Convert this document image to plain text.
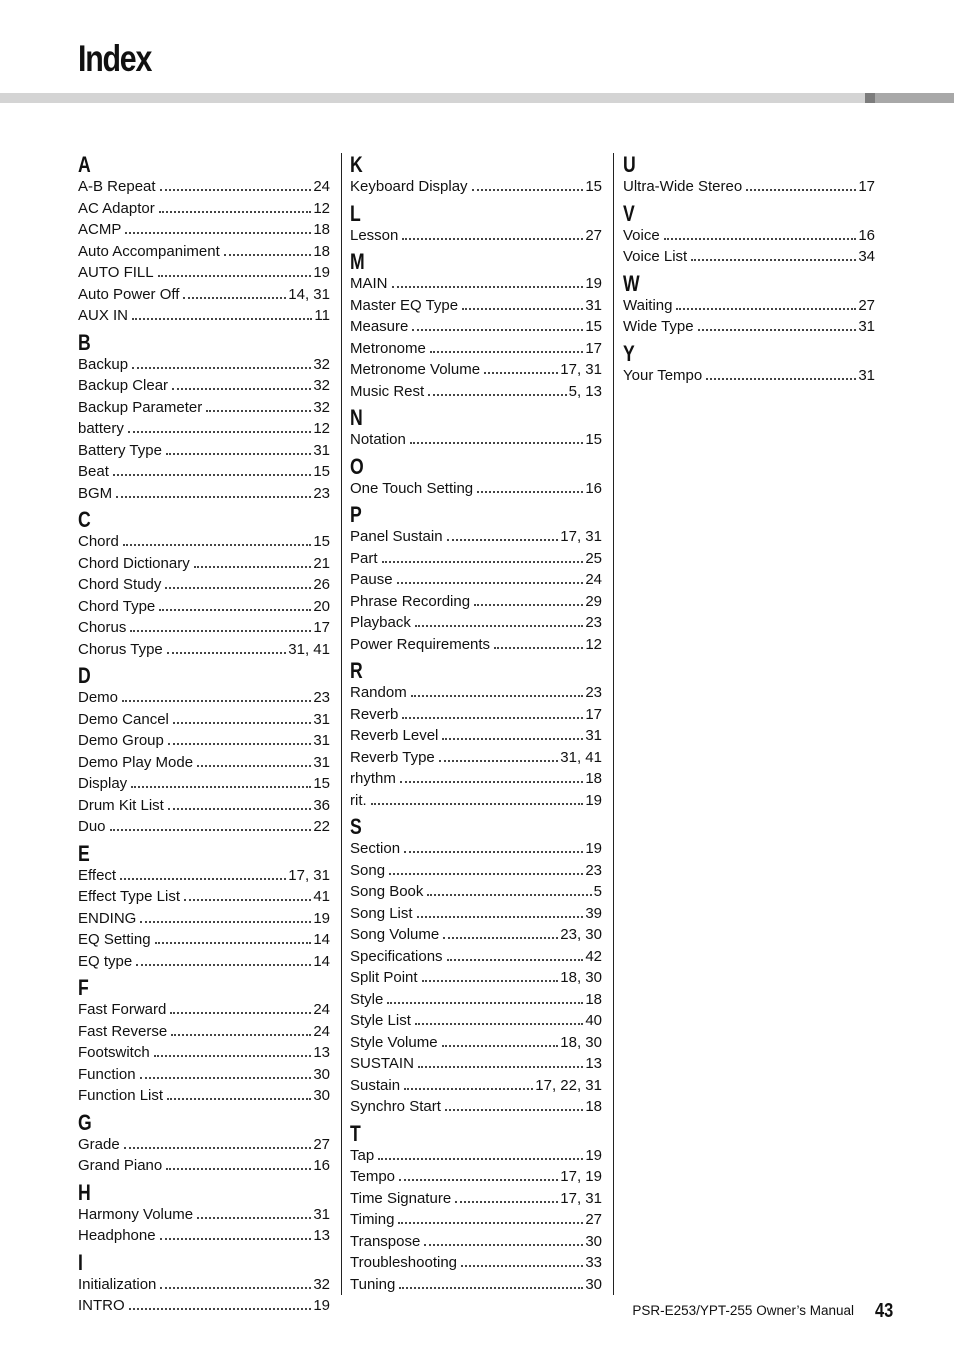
Index
A
A-B Repeat	24
AC Adaptor	12
ACMP	18
Auto Accompaniment	18
AUTO FILL	19
Auto Power Off	14, 31
AUX IN	11
B
Backup	32
Backup Clear	32
Backup Parameter	32
battery	12
Battery Type	31
Beat	15
BGM	23
C
Chord	15
Chord Dictionary	21
Chord Study	26
Chord Type	20
Chorus	17
Chorus Type	31, 41
D
Demo	23
Demo Cancel	31
Demo Group	31
Demo Play Mode	31
Display	15
Drum Kit List	36
Duo	22
E
Effect	17, 31
Effect Type List	41
ENDING	19
EQ Setting	14
EQ type	14
F
Fast Forward	24
Fast Reverse	24
Footswitch	13
Function	30
Function List	30
G
Grade	27
Grand Piano	16
H
Harmony Volume	31
Headphone	13
I
Initialization	32
INTRO	19
K
Keyboard Display	15
L
Lesson	27
M
MAIN	19
Master EQ Type	31
Measure	15
Metronome	17
Metronome Volume	17, 31
Music Rest	5, 13
N
Notation	15
O
One Touch Setting	16
P
Panel Sustain	17, 31
Part	25
Pause	24
Phrase Recording	29
Playback	23
Power Requirements	12
R
Random	23
Reverb	17
Reverb Level	31
Reverb Type	31, 41
rhythm	18
rit.	19
S
Section	19
Song	23
Song Book	5
Song List	39
Song Volume	23, 30
Specifications	42
Split Point	18, 30
Style	18
Style List	40
Style Volume	18, 30
SUSTAIN	13
Sustain	17, 22, 31
Synchro Start	18
T
Tap	19
Tempo	17, 19
Time Signature	17, 31
Timing	27
Transpose	30
Troubleshooting	33
Tuning	30
U
Ultra-Wide Stereo	17
V
Voice	16
Voice List	34
W
Waiting	27
Wide Type	31
Y
Your Tempo	31
PSR-E253/YPT-255 Owner’s Manual 43
